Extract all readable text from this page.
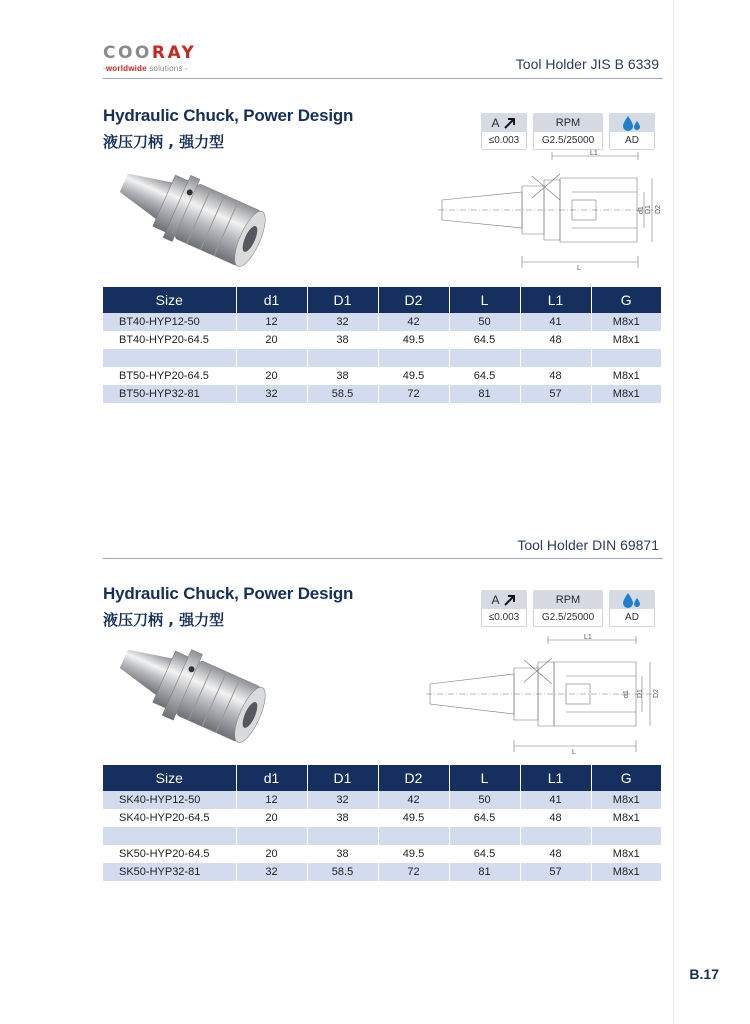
COORAY
-worldwide solutions -	Tool Holder JIS B 6339
Hydraulic Chuck, Power Design
液压刀柄 , 强力型
A
≤0.003
RPM
G2.5/25000	AD
L1
L
d1 D1 D2
Size	d1	D1	D2	L	L1	G
BT40-HYP12-50	12	32	42	50	41	M8x1
BT40-HYP20-64.5	20	38	49.5	64.5	48	M8x1

BT50-HYP20-64.5	20	38	49.5	64.5	48	M8x1
BT50-HYP32-81	32	58.5	72	81	57	M8x1
Tool Holder DIN 69871
Hydraulic Chuck, Power Design
液压刀柄 , 强力型
A
≤0.003
RPM
G2.5/25000	AD
L1
L
d1 D1 D2
Size	d1	D1	D2	L	L1	G
SK40-HYP12-50	12	32	42	50	41	M8x1
SK40-HYP20-64.5	20	38	49.5	64.5	48	M8x1

SK50-HYP20-64.5	20	38	49.5	64.5	48	M8x1
SK50-HYP32-81	32	58.5	72	81	57	M8x1
B.17
